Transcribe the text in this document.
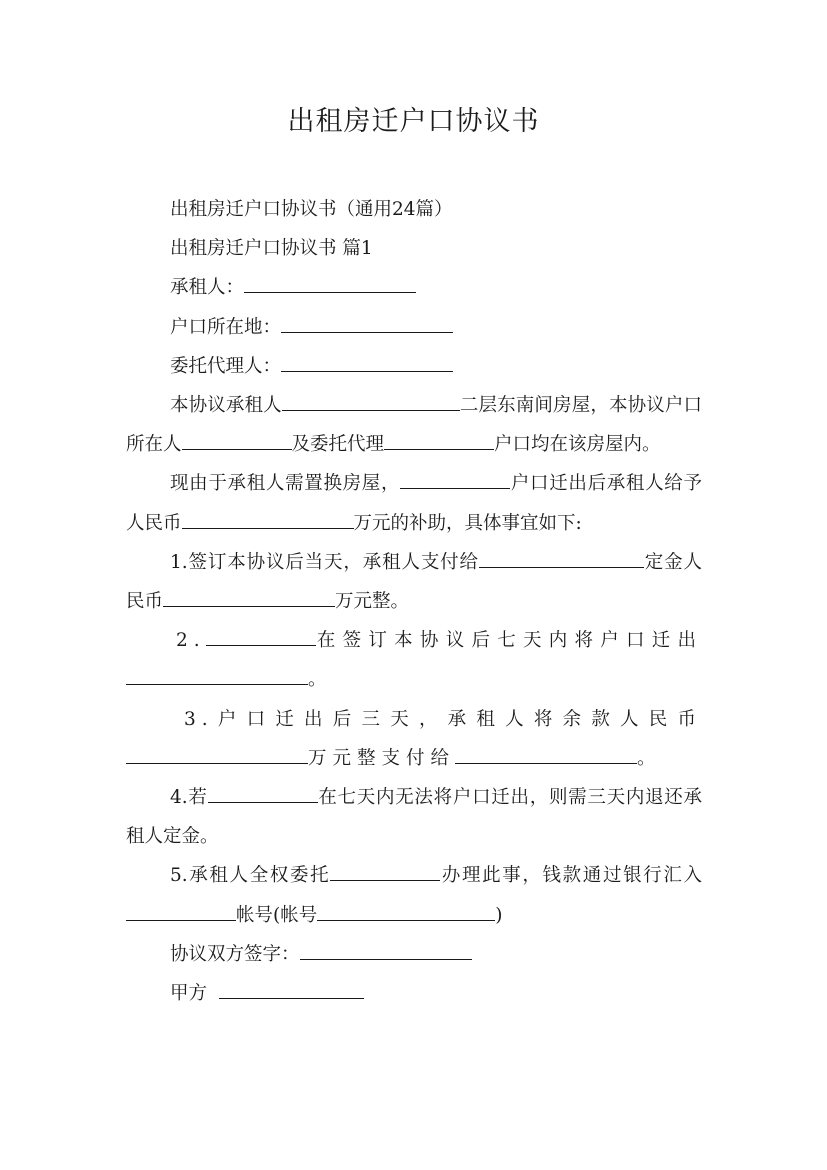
出租房迁户口协议书

出租房迁户口协议书（通用24篇）

出租房迁户口协议书 篇1

承租人：

户口所在地：

委托代理人：

本协议承租人	二层东南间房屋，本协议户口所在人	及委托代理	户口均在该房屋内。

现由于承租人需置换房屋，	户口迁出后承租人给予人民币	万元的补助，具体事宜如下:

1.签订本协议后当天，承租人支付给	定金人民币	万元整。

2.	在签订本协议后七天内将户口迁出。

3.户口迁出后三天，承租人将余款人民币万元整支付给	。

4.若	在七天内无法将户口迁出，则需三天内退还承租人定金。

5.承租人全权委托	办理此事，钱款通过银行汇入帐号(帐号	)

协议双方签字：

甲方
